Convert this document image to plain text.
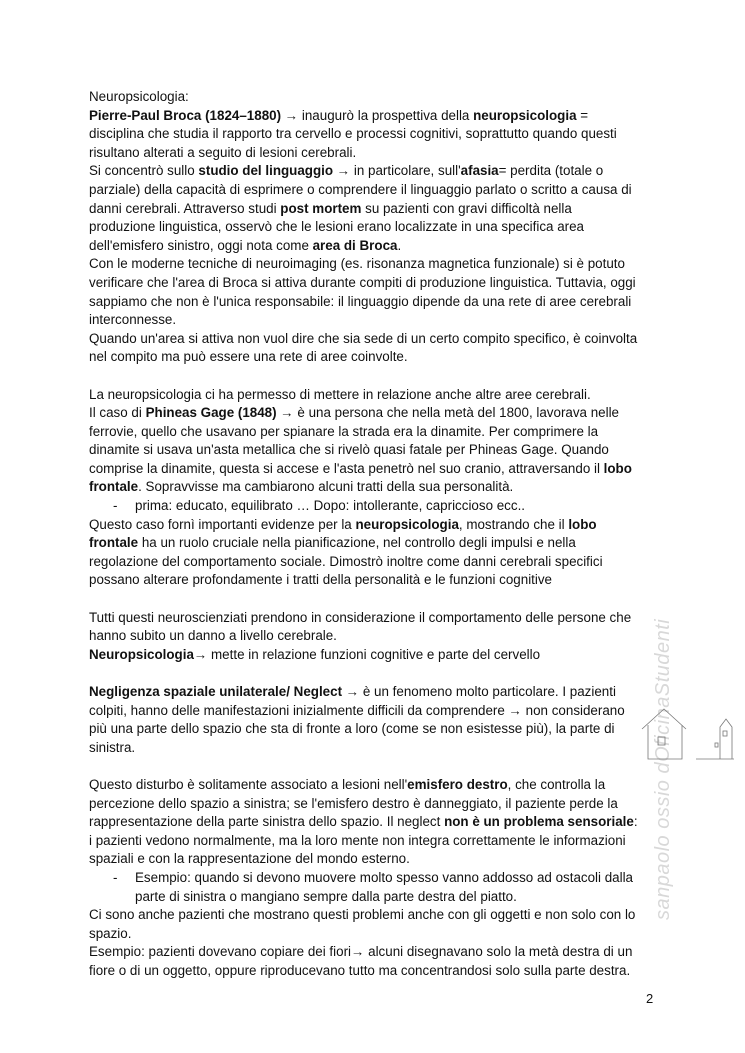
Neuropsicologia:
Pierre-Paul Broca (1824–1880) → inaugurò la prospettiva della neuropsicologia =
disciplina che studia il rapporto tra cervello e processi cognitivi, soprattutto quando questi
risultano alterati a seguito di lesioni cerebrali.
Si concentrò sullo studio del linguaggio → in particolare, sull'afasia= perdita (totale o
parziale) della capacità di esprimere o comprendere il linguaggio parlato o scritto a causa di
danni cerebrali. Attraverso studi post mortem su pazienti con gravi difficoltà nella
produzione linguistica, osservò che le lesioni erano localizzate in una specifica area
dell'emisfero sinistro, oggi nota come area di Broca.
Con le moderne tecniche di neuroimaging (es. risonanza magnetica funzionale) si è potuto
verificare che l'area di Broca si attiva durante compiti di produzione linguistica. Tuttavia, oggi
sappiamo che non è l'unica responsabile: il linguaggio dipende da una rete di aree cerebrali
interconnesse.
Quando un'area si attiva non vuol dire che sia sede di un certo compito specifico, è coinvolta
nel compito ma può essere una rete di aree coinvolte.
La neuropsicologia ci ha permesso di mettere in relazione anche altre aree cerebrali.
Il caso di Phineas Gage (1848) → è una persona che nella metà del 1800, lavorava nelle
ferrovie, quello che usavano per spianare la strada era la dinamite. Per comprimere la
dinamite si usava un'asta metallica che si rivelò quasi fatale per Phineas Gage. Quando
comprise la dinamite, questa si accese e l'asta penetrò nel suo cranio, attraversando il lobo
frontale. Sopravvisse ma cambiarono alcuni tratti della sua personalità.
- prima: educato, equilibrato … Dopo: intollerante, capriccioso ecc..
Questo caso fornì importanti evidenze per la neuropsicologia, mostrando che il lobo
frontale ha un ruolo cruciale nella pianificazione, nel controllo degli impulsi e nella
regolazione del comportamento sociale. Dimostrò inoltre come danni cerebrali specifici
possano alterare profondamente i tratti della personalità e le funzioni cognitive
Tutti questi neuroscienziati prendono in considerazione il comportamento delle persone che
hanno subito un danno a livello cerebrale.
Neuropsicologia→ mette in relazione funzioni cognitive e parte del cervello
Negligenza spaziale unilaterale/ Neglect → è un fenomeno molto particolare. I pazienti
colpiti, hanno delle manifestazioni inizialmente difficili da comprendere → non considerano
più una parte dello spazio che sta di fronte a loro (come se non esistesse più), la parte di
sinistra.
Questo disturbo è solitamente associato a lesioni nell'emisfero destro, che controlla la
percezione dello spazio a sinistra; se l'emisfero destro è danneggiato, il paziente perde la
rappresentazione della parte sinistra dello spazio. Il neglect non è un problema sensoriale:
i pazienti vedono normalmente, ma la loro mente non integra correttamente le informazioni
spaziali e con la rappresentazione del mondo esterno.
- Esempio: quando si devono muovere molto spesso vanno addosso ad ostacoli dalla
parte di sinistra o mangiano sempre dalla parte destra del piatto.
Ci sono anche pazienti che mostrano questi problemi anche con gli oggetti e non solo con lo
spazio.
Esempio: pazienti dovevano copiare dei fiori→ alcuni disegnavano solo la metà destra di un
fiore o di un oggetto, oppure riproducevano tutto ma concentrandosi solo sulla parte destra.
sanpaolo ossio dOficinaStudenti
2
